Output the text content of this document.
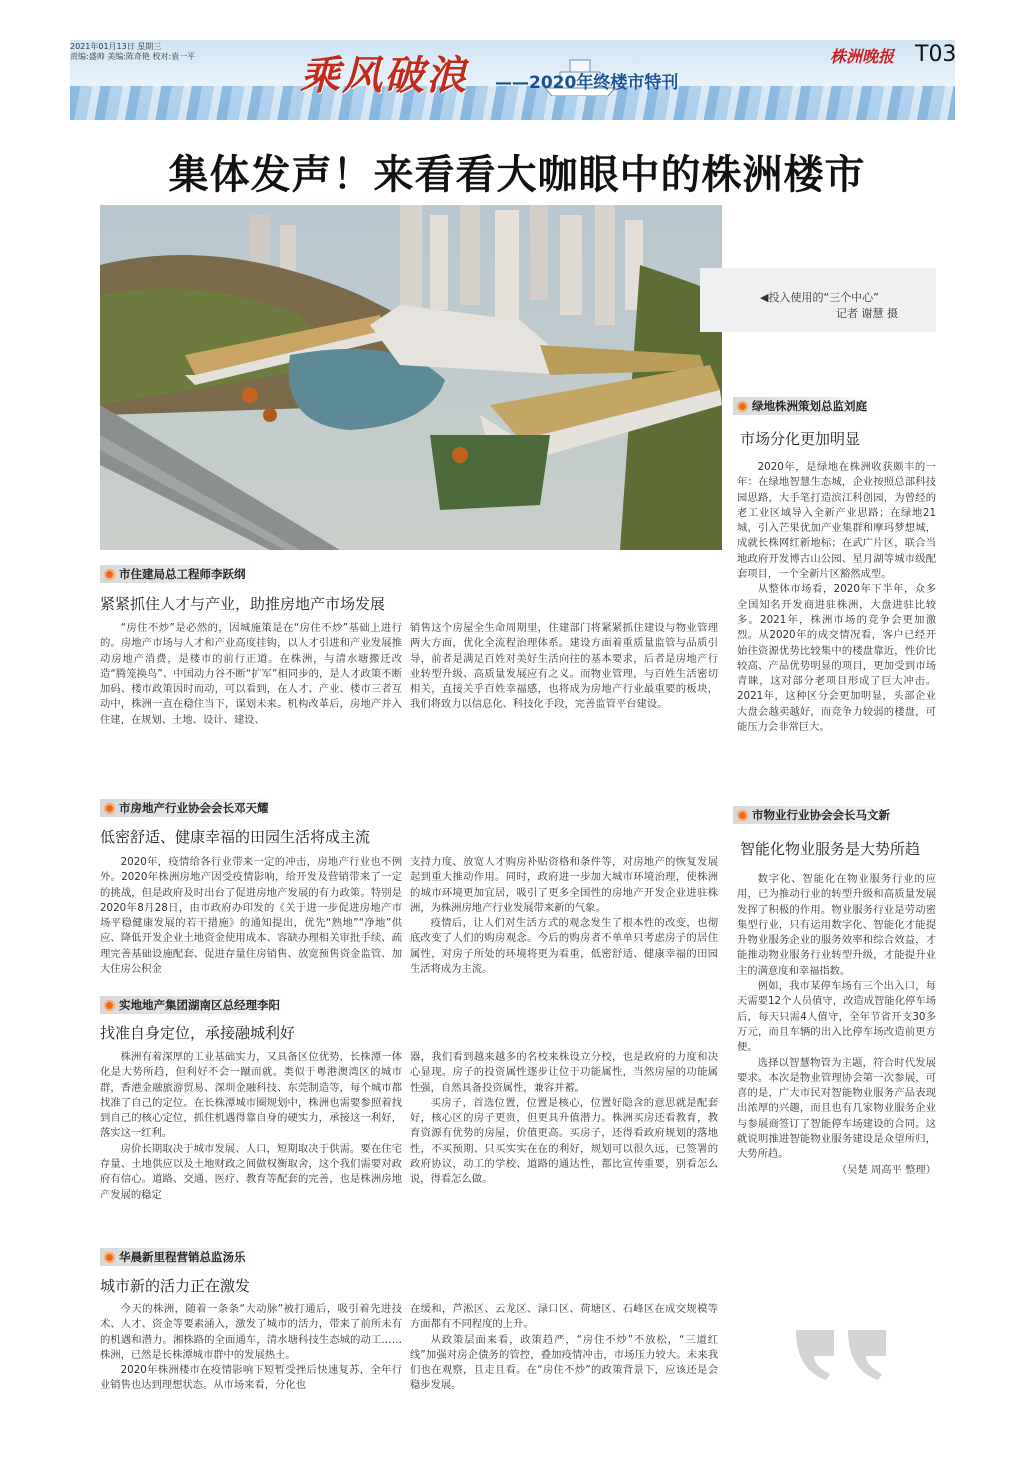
2021年01月13日 星期三
责编:盛帅 美编:陈奇艳 校对:袁一平	乘风破浪 ——2020年终楼市特刊
株洲晚报 T03
集体发声！来看看大咖眼中的株洲楼市
◀投入使用的“三个中心”
记者 谢慧 摄
市住建局总工程师李跃纲
紧紧抓住人才与产业，助推房地产市场发展

“房住不炒”是必然的，因城施策是在“房住不炒”基础上进行的。房地产市场与人才和产业高度挂钩，以人才引进和产业发展推动房地产消费，是楼市的前行正道。在株洲，与清水塘搬迁改造“腾笼换鸟”、中国动力谷不断“扩军”相同步的，是人才政策不断加码、楼市政策因时而动，可以看到，在人才、产业、楼市三者互动中，株洲一直在稳住当下，谋划未来。机构改革后，房地产并入住建，在规划、土地、设计、建设、

销售这个房屋全生命周期里，住建部门将紧紧抓住建设与物业管理两大方面，优化全流程治理体系。建设方面着重质量监管与品质引导，前者是满足百姓对美好生活向往的基本要求，后者是房地产行业转型升级、高质量发展应有之义。而物业管理，与百姓生活密切相关，直接关乎百姓幸福感，也将成为房地产行业最重要的板块，我们将致力以信息化、科技化手段，完善监管平台建设。

市房地产行业协会会长邓天耀
低密舒适、健康幸福的田园生活将成主流

2020年，疫情给各行业带来一定的冲击，房地产行业也不例外。2020年株洲房地产因受疫情影响，给开发及营销带来了一定的挑战，但是政府及时出台了促进房地产发展的有力政策。特别是2020年8月28日，由市政府办印发的《关于进一步促进房地产市场平稳健康发展的若干措施》的通知提出，优先“熟地”“净地”供应、降低开发企业土地资金使用成本、容缺办理相关审批手续、疏理完善基础设施配套、促进存量住房销售、放宽预售资金监管、加大住房公积金

支持力度、放宽人才购房补贴资格和条件等，对房地产的恢复发展起到重大推动作用。同时，政府进一步加大城市环境治理，使株洲的城市环境更加宜居，吸引了更多全国性的房地产开发企业进驻株洲，为株洲房地产行业发展带来新的气象。

疫情后，让人们对生活方式的观念发生了根本性的改变，也彻底改变了人们的购房观念。今后的购房者不单单只考虑房子的居住属性，对房子所处的环境将更为看重，低密舒适、健康幸福的田园生活将成为主流。

实地地产集团湖南区总经理李阳
找准自身定位，承接融城利好

株洲有着深厚的工业基础实力，又具备区位优势，长株潭一体化是大势所趋，但利好不会一蹴而就。类似于粤港澳湾区的城市群，香港金融旅游贸易、深圳金融科技、东莞制造等，每个城市都找准了自己的定位。在长株潭城市圈规划中，株洲也需要参照着找到自己的核心定位，抓住机遇得靠自身的硬实力，承接这一利好，落实这一红利。

房价长期取决于城市发展、人口，短期取决于供需。要在住宅存量、土地供应以及土地财政之间做权衡取舍，这个我们需要对政府有信心。道路、交通、医疗、教育等配套的完善，也是株洲房地产发展的稳定

器，我们看到越来越多的名校来株设立分校，也是政府的力度和决心显现。房子的投资属性逐步让位于功能属性，当然房屋的功能属性强，自然具备投资属性，兼容并蓄。

买房子，首选位置，位置是核心，位置好隐含的意思就是配套好，核心区的房子更贵，但更具升值潜力。株洲买房还看教育，教育资源有优势的房屋，价值更高。买房子，还得看政府规划的落地性，不买预期、只买实实在在的利好，规划可以很久远，已签署的政府协议，动工的学校、道路的通达性，都比宣传重要，别看怎么说，得看怎么做。

华晨新里程营销总监汤乐
城市新的活力正在激发

今天的株洲，随着一条条“大动脉”被打通后，吸引着先进技术、人才、资金等要素涌入，激发了城市的活力，带来了前所未有的机遇和潜力。湘株路的全面通车，清水塘科技生态城的动工……株洲，已然是长株潭城市群中的发展热土。

2020年株洲楼市在疫情影响下短暂受挫后快速复苏，全年行业销售也达到理想状态。从市场来看，分化也

在缓和，芦淞区、云龙区、渌口区、荷塘区、石峰区在成交规模等方面都有不同程度的上升。

从政策层面来看，政策趋严，“房住不炒”不放松，“三道红线”加强对房企债务的管控，叠加疫情冲击，市场压力较大。未来我们也在观察，且走且看。在“房住不炒”的政策背景下，应该还是会稳步发展。

绿地株洲策划总监刘庭
市场分化更加明显

2020年，是绿地在株洲收获颇丰的一年：在绿地智慧生态城，企业按照总部科技园思路，大手笔打造滨江科创园，为曾经的老工业区域导入全新产业思路；在绿地21城，引入芒果优加产业集群和摩玛梦想城，成就长株网红新地标；在武广片区，联合当地政府开发博古山公园、星月湖等城市级配套项目，一个全新片区豁然成型。

从整体市场看，2020年下半年，众多全国知名开发商进驻株洲，大盘进驻比较多。2021年，株洲市场的竞争会更加激烈。从2020年的成交情况看，客户已经开始往资源优势比较集中的楼盘靠近，性价比较高、产品优势明显的项目，更加受到市场青睐，这对部分老项目形成了巨大冲击。2021年，这种区分会更加明显，头部企业大盘会越卖越好，而竞争力较弱的楼盘，可能压力会非常巨大。

市物业行业协会会长马文新
智能化物业服务是大势所趋

数字化、智能化在物业服务行业的应用，已为推动行业的转型升级和高质量发展发挥了积极的作用。物业服务行业是劳动密集型行业，只有运用数字化、智能化才能提升物业服务企业的服务效率和综合效益，才能推动物业服务行业转型升级，才能提升业主的满意度和幸福指数。

例如，我市某停车场有三个出入口，每天需要12个人员值守，改造成智能化停车场后，每天只需4人值守，全年节省开支30多万元，而且车辆的出入比停车场改造前更方便。

选择以智慧物管为主题，符合时代发展要求。本次是物业管理协会第一次参展，可喜的是，广大市民对智能物业服务产品表现出浓厚的兴趣，而且也有几家物业服务企业与参展商签订了智能停车场建设的合同。这就说明推进智能物业服务建设是众望所归，大势所趋。

（吴楚 周高平 整理）
